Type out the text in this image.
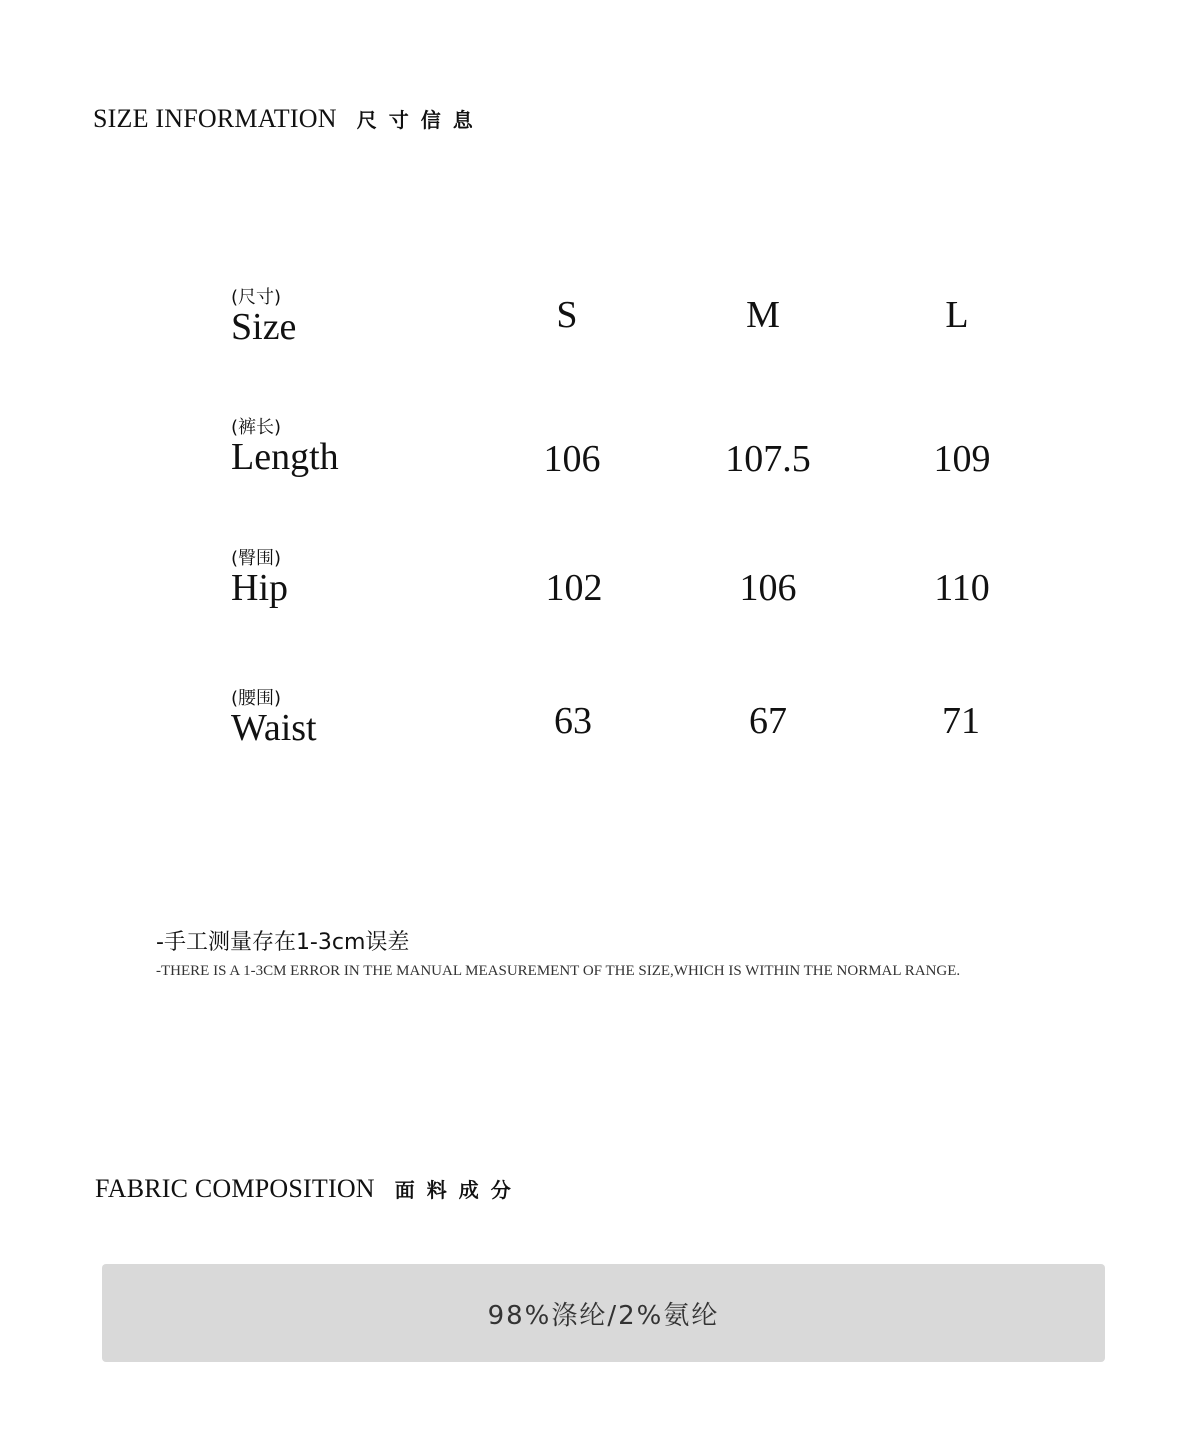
SIZE INFORMATION 尺寸信息
(尺寸)
Size	S	M	L
(裤长)
Length	106	107.5	109
(臀围)
Hip	102	106	110
(腰围)
Waist	63	67	71
-手工测量存在1-3cm误差
-THERE IS A 1-3CM ERROR IN THE MANUAL MEASUREMENT OF THE SIZE,WHICH IS WITHIN THE NORMAL RANGE.
FABRIC COMPOSITION 面料成分
98%涤纶/2%氨纶
